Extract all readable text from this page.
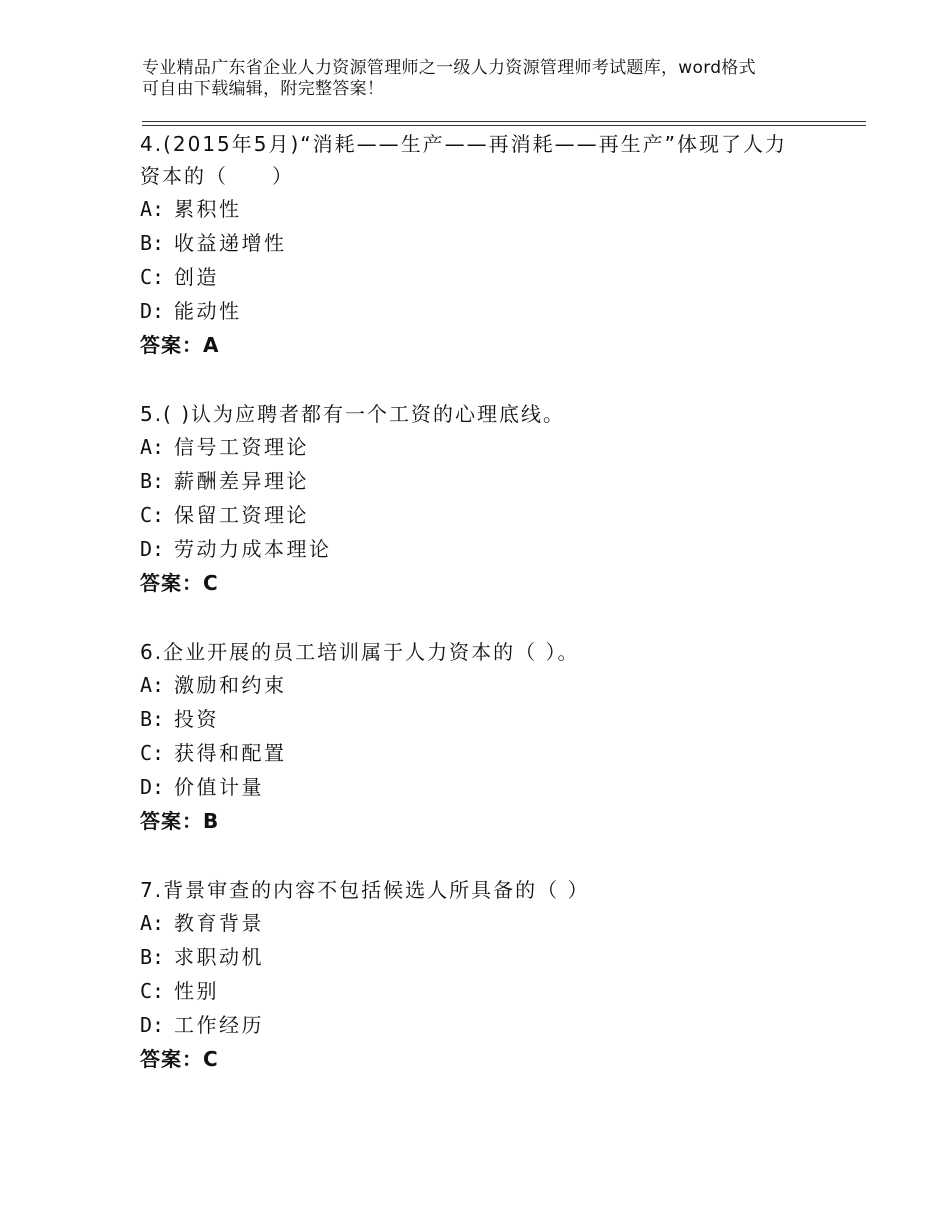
专业精品广东省企业人力资源管理师之一级人力资源管理师考试题库，word格式
可自由下载编辑，附完整答案！

4.(2015年5月)“消耗——生产——再消耗——再生产”体现了人力

资本的（　　）

A: 累积性

B: 收益递增性

C: 创造

D: 能动性

答案：A

5.( )认为应聘者都有一个工资的心理底线。

A: 信号工资理论

B: 薪酬差异理论

C: 保留工资理论

D: 劳动力成本理论

答案：C

6.企业开展的员工培训属于人力资本的（ ）。

A: 激励和约束

B: 投资

C: 获得和配置

D: 价值计量

答案：B

7.背景审查的内容不包括候选人所具备的（ ）

A: 教育背景

B: 求职动机

C: 性别

D: 工作经历

答案：C
